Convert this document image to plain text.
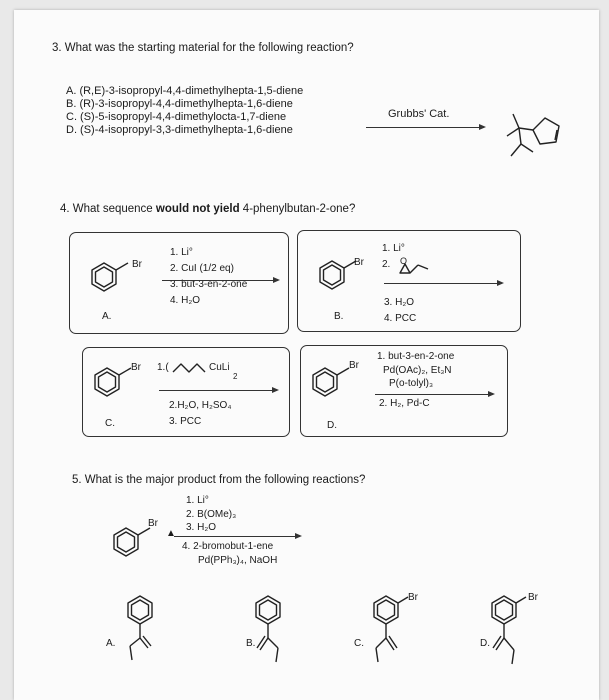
3. What was the starting material for the following reaction?
A. (R,E)-3-isopropyl-4,4-dimethylhepta-1,5-diene
B. (R)-3-isopropyl-4,4-dimethylhepta-1,6-diene
C. (S)-5-isopropyl-4,4-dimethylocta-1,7-diene
D. (S)-4-isopropyl-3,3-dimethylhepta-1,6-diene
Grubbs' Cat.
4. What sequence would not yield 4-phenylbutan-2-one?
Br
1. Li°
2. CuI (1/2 eq)
3. but-3-en-2-one
4. H₂O
A.
Br
1. Li°
2.	O
3. H₂O
4. PCC
B.
Br 1.(	CuLi
2
2.H₂O, H₂SO₄
3. PCC
C.
Br
1. but-3-en-2-one
Pd(OAc)₂, Et₃N
P(o-tolyl)₃
2. H₂, Pd-C
D.
5. What is the major product from the following reactions?
Br
▲
1. Li°
2. B(OMe)₃
3. H₂O
4. 2-bromobut-1-ene
Pd(PPh₃)₄, NaOH
A.	B.
Br
C.
Br
D.
